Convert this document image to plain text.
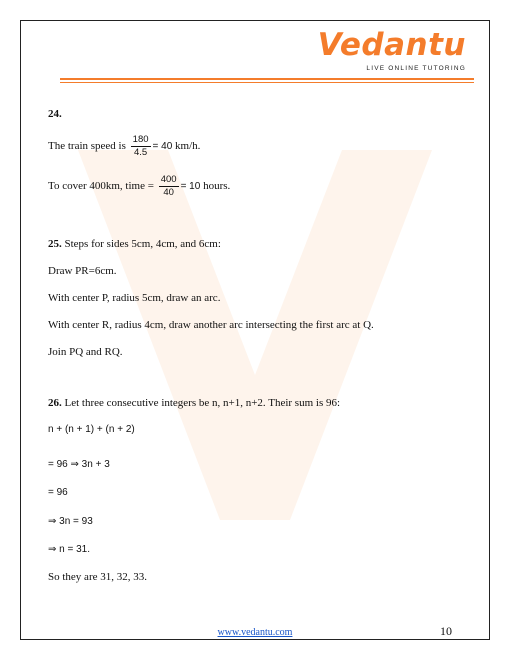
Vedantu
LIVE ONLINE TUTORING
24.
The train speed is $\frac{180}{4.5} = 40$ km/h.
To cover 400km, time = $\frac{400}{40} = 10$ hours.
25. Steps for sides 5cm, 4cm, and 6cm:
Draw PR=6cm.
With center P, radius 5cm, draw an arc.
With center R, radius 4cm, draw another arc intersecting the first arc at Q.
Join PQ and RQ.
26. Let three consecutive integers be n, n+1, n+2. Their sum is 96:
n + (n + 1) + (n + 2)
= 96 ⇒ 3n + 3
= 96
⇒ 3n = 93
⇒ n = 31.
So they are 31, 32, 33.
www.vedantu.com	10
